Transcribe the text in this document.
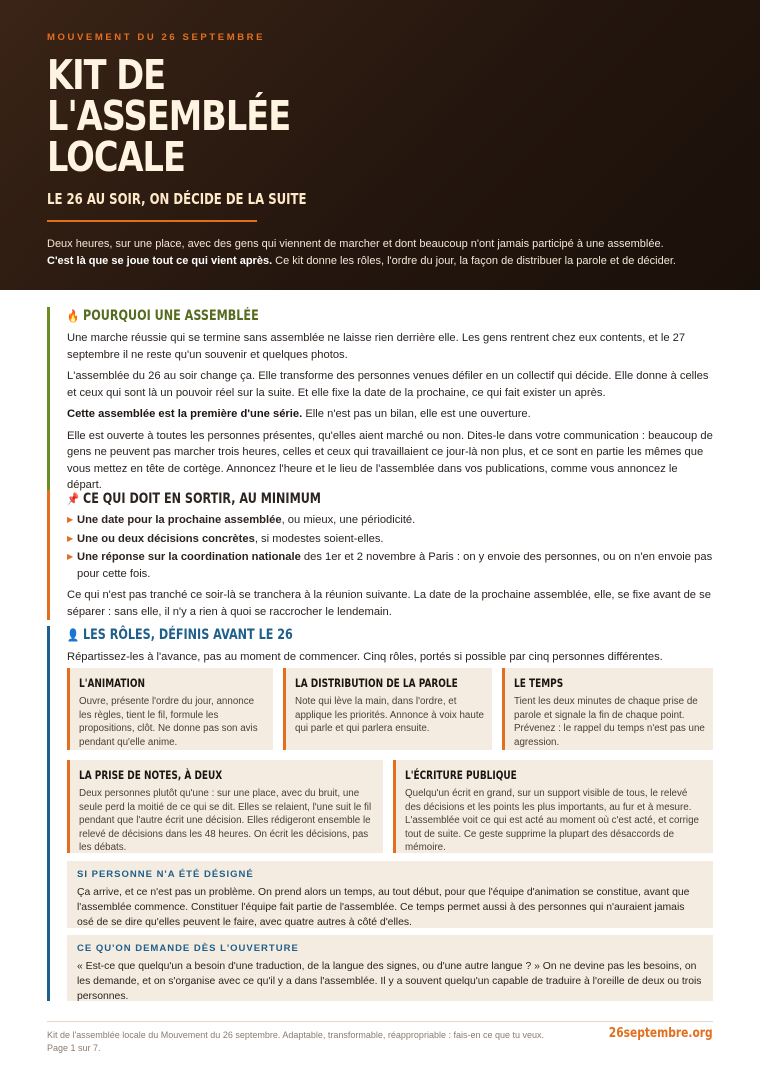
MOUVEMENT DU 26 SEPTEMBRE
KIT DE
L'ASSEMBLÉE
LOCALE
LE 26 AU SOIR, ON DÉCIDE DE LA SUITE

Deux heures, sur une place, avec des gens qui viennent de marcher et dont beaucoup n'ont jamais participé à une assemblée.
C'est là que se joue tout ce qui vient après. Ce kit donne les rôles, l'ordre du jour, la façon de distribuer la parole et de décider.

🔥 POURQUOI UNE ASSEMBLÉE

Une marche réussie qui se termine sans assemblée ne laisse rien derrière elle. Les gens rentrent chez eux contents, et le 27 septembre il ne reste qu'un souvenir et quelques photos.

L'assemblée du 26 au soir change ça. Elle transforme des personnes venues défiler en un collectif qui décide. Elle donne à celles et ceux qui sont là un pouvoir réel sur la suite. Et elle fixe la date de la prochaine, ce qui fait exister un après.

Cette assemblée est la première d'une série. Elle n'est pas un bilan, elle est une ouverture.

Elle est ouverte à toutes les personnes présentes, qu'elles aient marché ou non. Dites-le dans votre communication : beaucoup de gens ne peuvent pas marcher trois heures, celles et ceux qui travaillaient ce jour-là non plus, et ce sont en partie les mêmes que vous mettez en tête de cortège. Annoncez l'heure et le lieu de l'assemblée dans vos publications, comme vous annoncez le départ.

📌 CE QUI DOIT EN SORTIR, AU MINIMUM
▶ Une date pour la prochaine assemblée, ou mieux, une périodicité.
▶ Une ou deux décisions concrètes, si modestes soient-elles.
▶ Une réponse sur la coordination nationale des 1er et 2 novembre à Paris : on y envoie des personnes, ou on n'en envoie pas pour cette fois.

Ce qui n'est pas tranché ce soir-là se tranchera à la réunion suivante. La date de la prochaine assemblée, elle, se fixe avant de se séparer : sans elle, il n'y a rien à quoi se raccrocher le lendemain.

👤 LES RÔLES, DÉFINIS AVANT LE 26

Répartissez-les à l'avance, pas au moment de commencer. Cinq rôles, portés si possible par cinq personnes différentes.

L'ANIMATION
Ouvre, présente l'ordre du jour, annonce les règles, tient le fil, formule les propositions, clôt. Ne donne pas son avis pendant qu'elle anime.
LA DISTRIBUTION DE LA PAROLE
Note qui lève la main, dans l'ordre, et applique les priorités. Annonce à voix haute qui parle et qui parlera ensuite.
LE TEMPS
Tient les deux minutes de chaque prise de parole et signale la fin de chaque point. Prévenez : le rappel du temps n'est pas une agression.
LA PRISE DE NOTES, À DEUX
Deux personnes plutôt qu'une : sur une place, avec du bruit, une seule perd la moitié de ce qui se dit. Elles se relaient, l'une suit le fil pendant que l'autre écrit une décision. Elles rédigeront ensemble le relevé de décisions dans les 48 heures. On écrit les décisions, pas les débats.
L'ÉCRITURE PUBLIQUE
Quelqu'un écrit en grand, sur un support visible de tous, le relevé des décisions et les points les plus importants, au fur et à mesure. L'assemblée voit ce qui est acté au moment où c'est acté, et corrige tout de suite. Ce geste supprime la plupart des désaccords de mémoire.
SI PERSONNE N'A ÉTÉ DÉSIGNÉ
Ça arrive, et ce n'est pas un problème. On prend alors un temps, au tout début, pour que l'équipe d'animation se constitue, avant que l'assemblée commence. Constituer l'équipe fait partie de l'assemblée. Ce temps permet aussi à des personnes qui n'auraient jamais osé de se dire qu'elles peuvent le faire, avec quatre autres à côté d'elles.
CE QU'ON DEMANDE DÈS L'OUVERTURE
« Est-ce que quelqu'un a besoin d'une traduction, de la langue des signes, ou d'une autre langue ? » On ne devine pas les besoins, on les demande, et on s'organise avec ce qu'il y a dans l'assemblée. Il y a souvent quelqu'un capable de traduire à l'oreille de deux ou trois personnes.
Kit de l'assemblée locale du Mouvement du 26 septembre. Adaptable, transformable, réappropriable : fais-en ce que tu veux.
Page 1 sur 7.
26septembre.org
